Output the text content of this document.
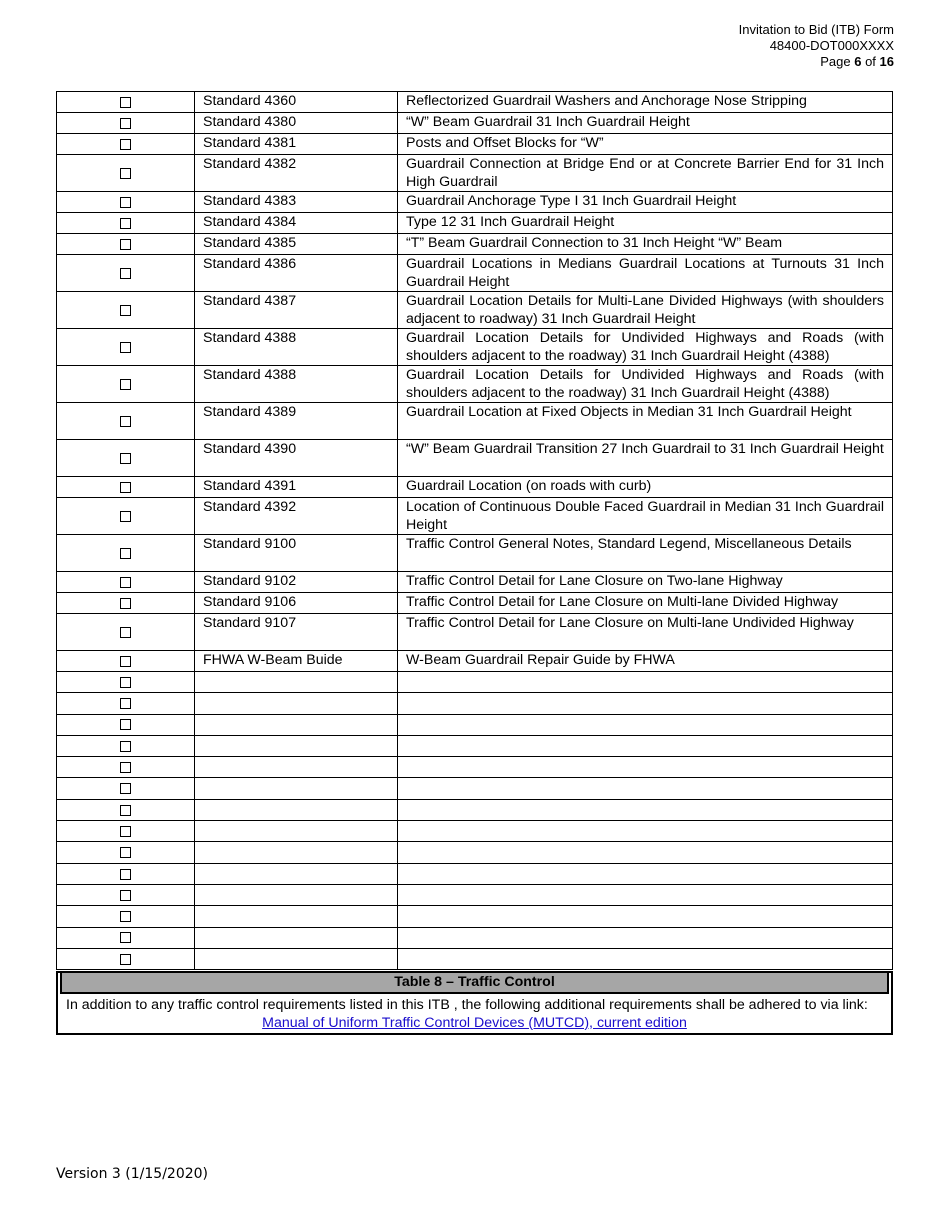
Invitation to Bid (ITB) Form
48400-DOT000XXXX
Page 6 of 16
	Standard 4360	Reflectorized Guardrail Washers and Anchorage Nose Stripping
	Standard 4380	“W” Beam Guardrail 31 Inch Guardrail Height
	Standard 4381	Posts and Offset Blocks for “W”
	Standard 4382	Guardrail Connection at Bridge End or at Concrete Barrier End for 31 Inch High Guardrail
	Standard 4383	Guardrail Anchorage Type I 31 Inch Guardrail Height
	Standard 4384	Type 12 31 Inch Guardrail Height
	Standard 4385	“T” Beam Guardrail Connection to 31 Inch Height “W” Beam
	Standard 4386	Guardrail Locations in Medians Guardrail Locations at Turnouts 31 Inch Guardrail Height
	Standard 4387	Guardrail Location Details for Multi-Lane Divided Highways (with shoulders adjacent to roadway) 31 Inch Guardrail Height
	Standard 4388	Guardrail Location Details for Undivided Highways and Roads (with shoulders adjacent to the roadway) 31 Inch Guardrail Height (4388)
	Standard 4388	Guardrail Location Details for Undivided Highways and Roads (with shoulders adjacent to the roadway) 31 Inch Guardrail Height (4388)
	Standard 4389	Guardrail Location at Fixed Objects in Median 31 Inch Guardrail Height
	Standard 4390	“W” Beam Guardrail Transition 27 Inch Guardrail to 31 Inch Guardrail Height
	Standard 4391	Guardrail Location (on roads with curb)
	Standard 4392	Location of Continuous Double Faced Guardrail in Median 31 Inch Guardrail Height
	Standard 9100	Traffic Control General Notes, Standard Legend, Miscellaneous Details
	Standard 9102	Traffic Control Detail for Lane Closure on Two-lane Highway
	Standard 9106	Traffic Control Detail for Lane Closure on Multi-lane Divided Highway
	Standard 9107	Traffic Control Detail for Lane Closure on Multi-lane Undivided Highway
	FHWA W-Beam Buide	W-Beam Guardrail Repair Guide by FHWA

Table 8 – Traffic Control
In addition to any traffic control requirements listed in this ITB , the following additional requirements shall be adhered to via link:
Manual of Uniform Traffic Control Devices (MUTCD), current edition
Version 3 (1/15/2020)
